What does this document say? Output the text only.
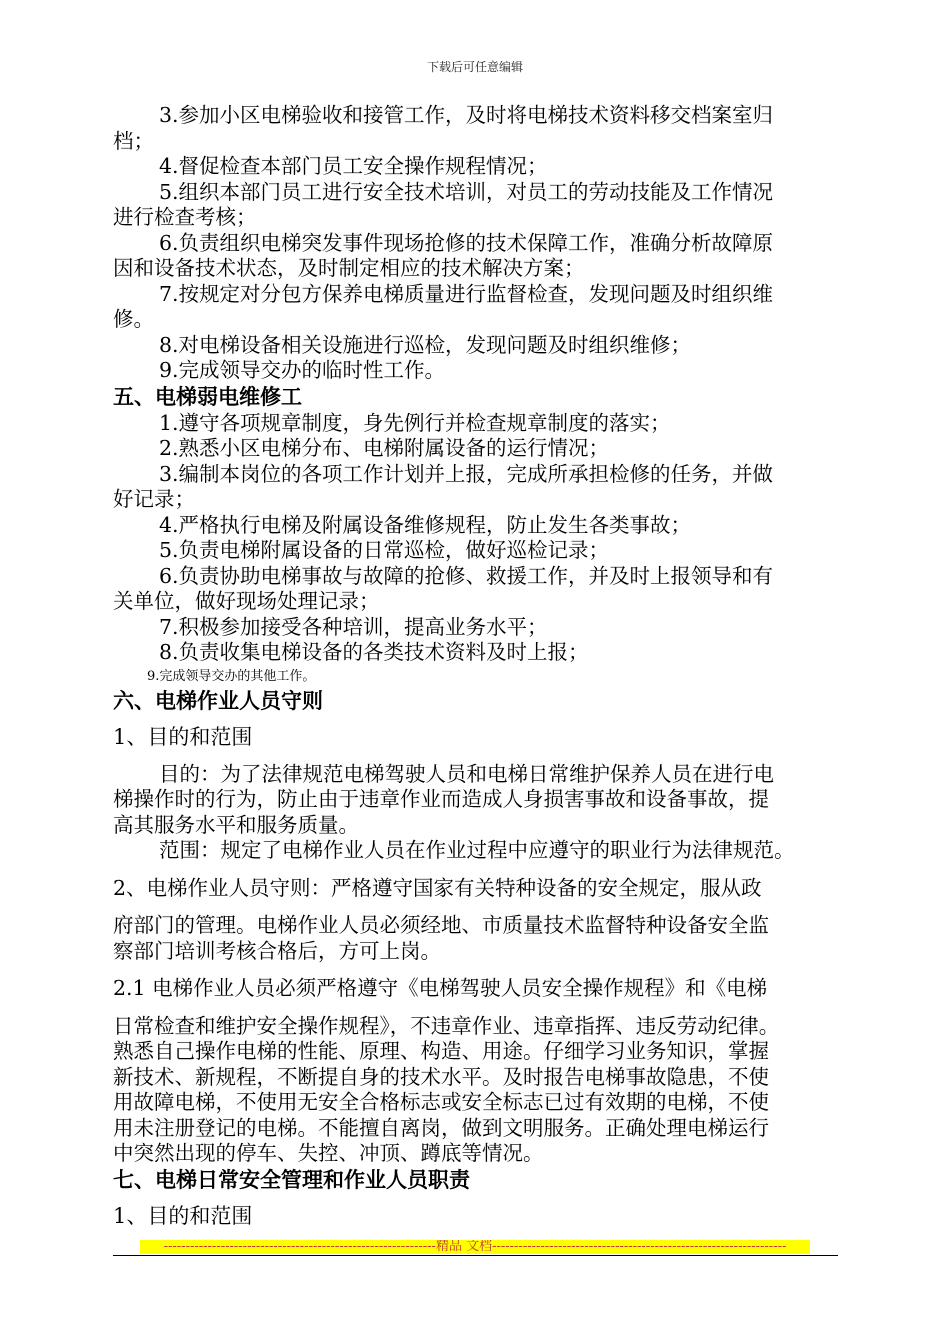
下载后可任意编辑

3.参加小区电梯验收和接管工作，及时将电梯技术资料移交档案室归

档；

4.督促检查本部门员工安全操作规程情况；

5.组织本部门员工进行安全技术培训，对员工的劳动技能及工作情况

进行检查考核；

6.负责组织电梯突发事件现场抢修的技术保障工作，准确分析故障原

因和设备技术状态，及时制定相应的技术解决方案；

7.按规定对分包方保养电梯质量进行监督检查，发现问题及时组织维

修。

8.对电梯设备相关设施进行巡检，发现问题及时组织维修；

9.完成领导交办的临时性工作。

五、电梯弱电维修工

1.遵守各项规章制度，身先例行并检查规章制度的落实；

2.熟悉小区电梯分布、电梯附属设备的运行情况；

3.编制本岗位的各项工作计划并上报，完成所承担检修的任务，并做

好记录；

4.严格执行电梯及附属设备维修规程，防止发生各类事故；

5.负责电梯附属设备的日常巡检，做好巡检记录；

6.负责协助电梯事故与故障的抢修、救援工作，并及时上报领导和有

关单位，做好现场处理记录；

7.积极参加接受各种培训，提高业务水平；

8.负责收集电梯设备的各类技术资料及时上报；

9.完成领导交办的其他工作。

六、电梯作业人员守则

1、目的和范围

目的：为了法律规范电梯驾驶人员和电梯日常维护保养人员在进行电

梯操作时的行为，防止由于违章作业而造成人身损害事故和设备事故，提

高其服务水平和服务质量。

范围：规定了电梯作业人员在作业过程中应遵守的职业行为法律规范。

2、电梯作业人员守则：严格遵守国家有关特种设备的安全规定，服从政

府部门的管理。电梯作业人员必须经地、市质量技术监督特种设备安全监

察部门培训考核合格后，方可上岗。

2.1 电梯作业人员必须严格遵守《电梯驾驶人员安全操作规程》和《电梯

日常检查和维护安全操作规程》，不违章作业、违章指挥、违反劳动纪律。

熟悉自己操作电梯的性能、原理、构造、用途。仔细学习业务知识，掌握

新技术、新规程，不断提自身的技术水平。及时报告电梯事故隐患，不使

用故障电梯，不使用无安全合格标志或安全标志已过有效期的电梯，不使

用未注册登记的电梯。不能擅自离岗，做到文明服务。正确处理电梯运行

中突然出现的停车、失控、冲顶、蹲底等情况。

七、电梯日常安全管理和作业人员职责

1、目的和范围

--------------------------------------------------------------精品 文档-------------------------------------------------------------------
